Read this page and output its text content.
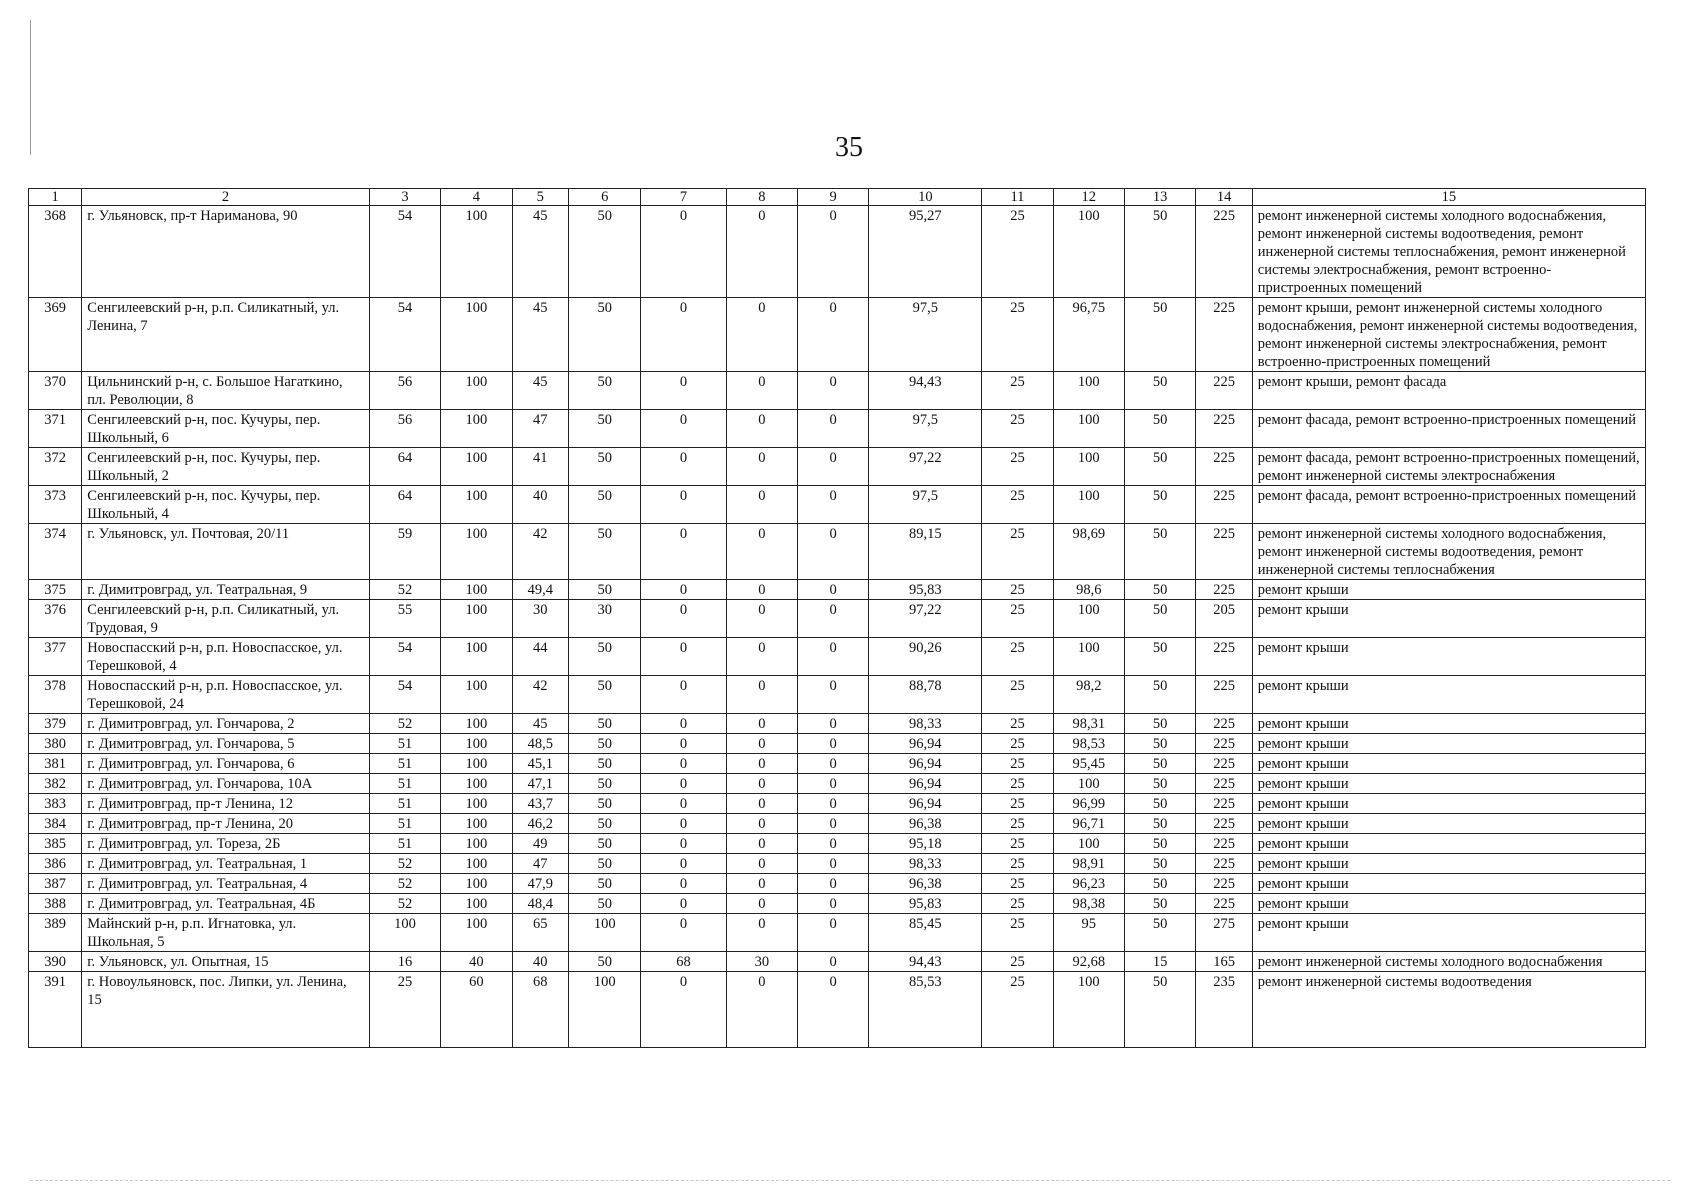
35
1	2	3	4	5	6	7	8	9	10	11	12	13	14	15
368	г. Ульяновск, пр-т Нариманова, 90	54	100	45	50	0	0	0	95,27	25	100	50	225	ремонт инженерной системы холодного водоснабжения, ремонт инженерной системы водоотведения, ремонт инженерной системы теплоснабжения, ремонт инженерной системы электроснабжения, ремонт встроенно-пристроенных помещений
369	Сенгилеевский р-н, р.п. Силикатный, ул. Ленина, 7	54	100	45	50	0	0	0	97,5	25	96,75	50	225	ремонт крыши, ремонт инженерной системы холодного водоснабжения, ремонт инженерной системы водоотведения, ремонт инженерной системы электроснабжения, ремонт встроенно-пристроенных помещений
370	Цильнинский р-н, с. Большое Нагаткино, пл. Революции, 8	56	100	45	50	0	0	0	94,43	25	100	50	225	ремонт крыши, ремонт фасада
371	Сенгилеевский р-н, пос. Кучуры, пер. Школьный, 6	56	100	47	50	0	0	0	97,5	25	100	50	225	ремонт фасада, ремонт встроенно-пристроенных помещений
372	Сенгилеевский р-н, пос. Кучуры, пер. Школьный, 2	64	100	41	50	0	0	0	97,22	25	100	50	225	ремонт фасада, ремонт встроенно-пристроенных помещений, ремонт инженерной системы электроснабжения
373	Сенгилеевский р-н, пос. Кучуры, пер. Школьный, 4	64	100	40	50	0	0	0	97,5	25	100	50	225	ремонт фасада, ремонт встроенно-пристроенных помещений
374	г. Ульяновск, ул. Почтовая, 20/11	59	100	42	50	0	0	0	89,15	25	98,69	50	225	ремонт инженерной системы холодного водоснабжения, ремонт инженерной системы водоотведения, ремонт инженерной системы теплоснабжения
375	г. Димитровград, ул. Театральная, 9	52	100	49,4	50	0	0	0	95,83	25	98,6	50	225	ремонт крыши
376	Сенгилеевский р-н, р.п. Силикатный, ул. Трудовая, 9	55	100	30	30	0	0	0	97,22	25	100	50	205	ремонт крыши
377	Новоспасский р-н, р.п. Новоспасское, ул. Терешковой, 4	54	100	44	50	0	0	0	90,26	25	100	50	225	ремонт крыши
378	Новоспасский р-н, р.п. Новоспасское, ул. Терешковой, 24	54	100	42	50	0	0	0	88,78	25	98,2	50	225	ремонт крыши
379	г. Димитровград, ул. Гончарова, 2	52	100	45	50	0	0	0	98,33	25	98,31	50	225	ремонт крыши
380	г. Димитровград, ул. Гончарова, 5	51	100	48,5	50	0	0	0	96,94	25	98,53	50	225	ремонт крыши
381	г. Димитровград, ул. Гончарова, 6	51	100	45,1	50	0	0	0	96,94	25	95,45	50	225	ремонт крыши
382	г. Димитровград, ул. Гончарова, 10А	51	100	47,1	50	0	0	0	96,94	25	100	50	225	ремонт крыши
383	г. Димитровград, пр-т Ленина, 12	51	100	43,7	50	0	0	0	96,94	25	96,99	50	225	ремонт крыши
384	г. Димитровград, пр-т Ленина, 20	51	100	46,2	50	0	0	0	96,38	25	96,71	50	225	ремонт крыши
385	г. Димитровград, ул. Тореза, 2Б	51	100	49	50	0	0	0	95,18	25	100	50	225	ремонт крыши
386	г. Димитровград, ул. Театральная, 1	52	100	47	50	0	0	0	98,33	25	98,91	50	225	ремонт крыши
387	г. Димитровград, ул. Театральная, 4	52	100	47,9	50	0	0	0	96,38	25	96,23	50	225	ремонт крыши
388	г. Димитровград, ул. Театральная, 4Б	52	100	48,4	50	0	0	0	95,83	25	98,38	50	225	ремонт крыши
389	Майнский р-н, р.п. Игнатовка, ул. Школьная, 5	100	100	65	100	0	0	0	85,45	25	95	50	275	ремонт крыши
390	г. Ульяновск, ул. Опытная, 15	16	40	40	50	68	30	0	94,43	25	92,68	15	165	ремонт инженерной системы холодного водоснабжения
391	г. Новоульяновск, пос. Липки, ул. Ленина, 15	25	60	68	100	0	0	0	85,53	25	100	50	235	ремонт инженерной системы водоотведения
